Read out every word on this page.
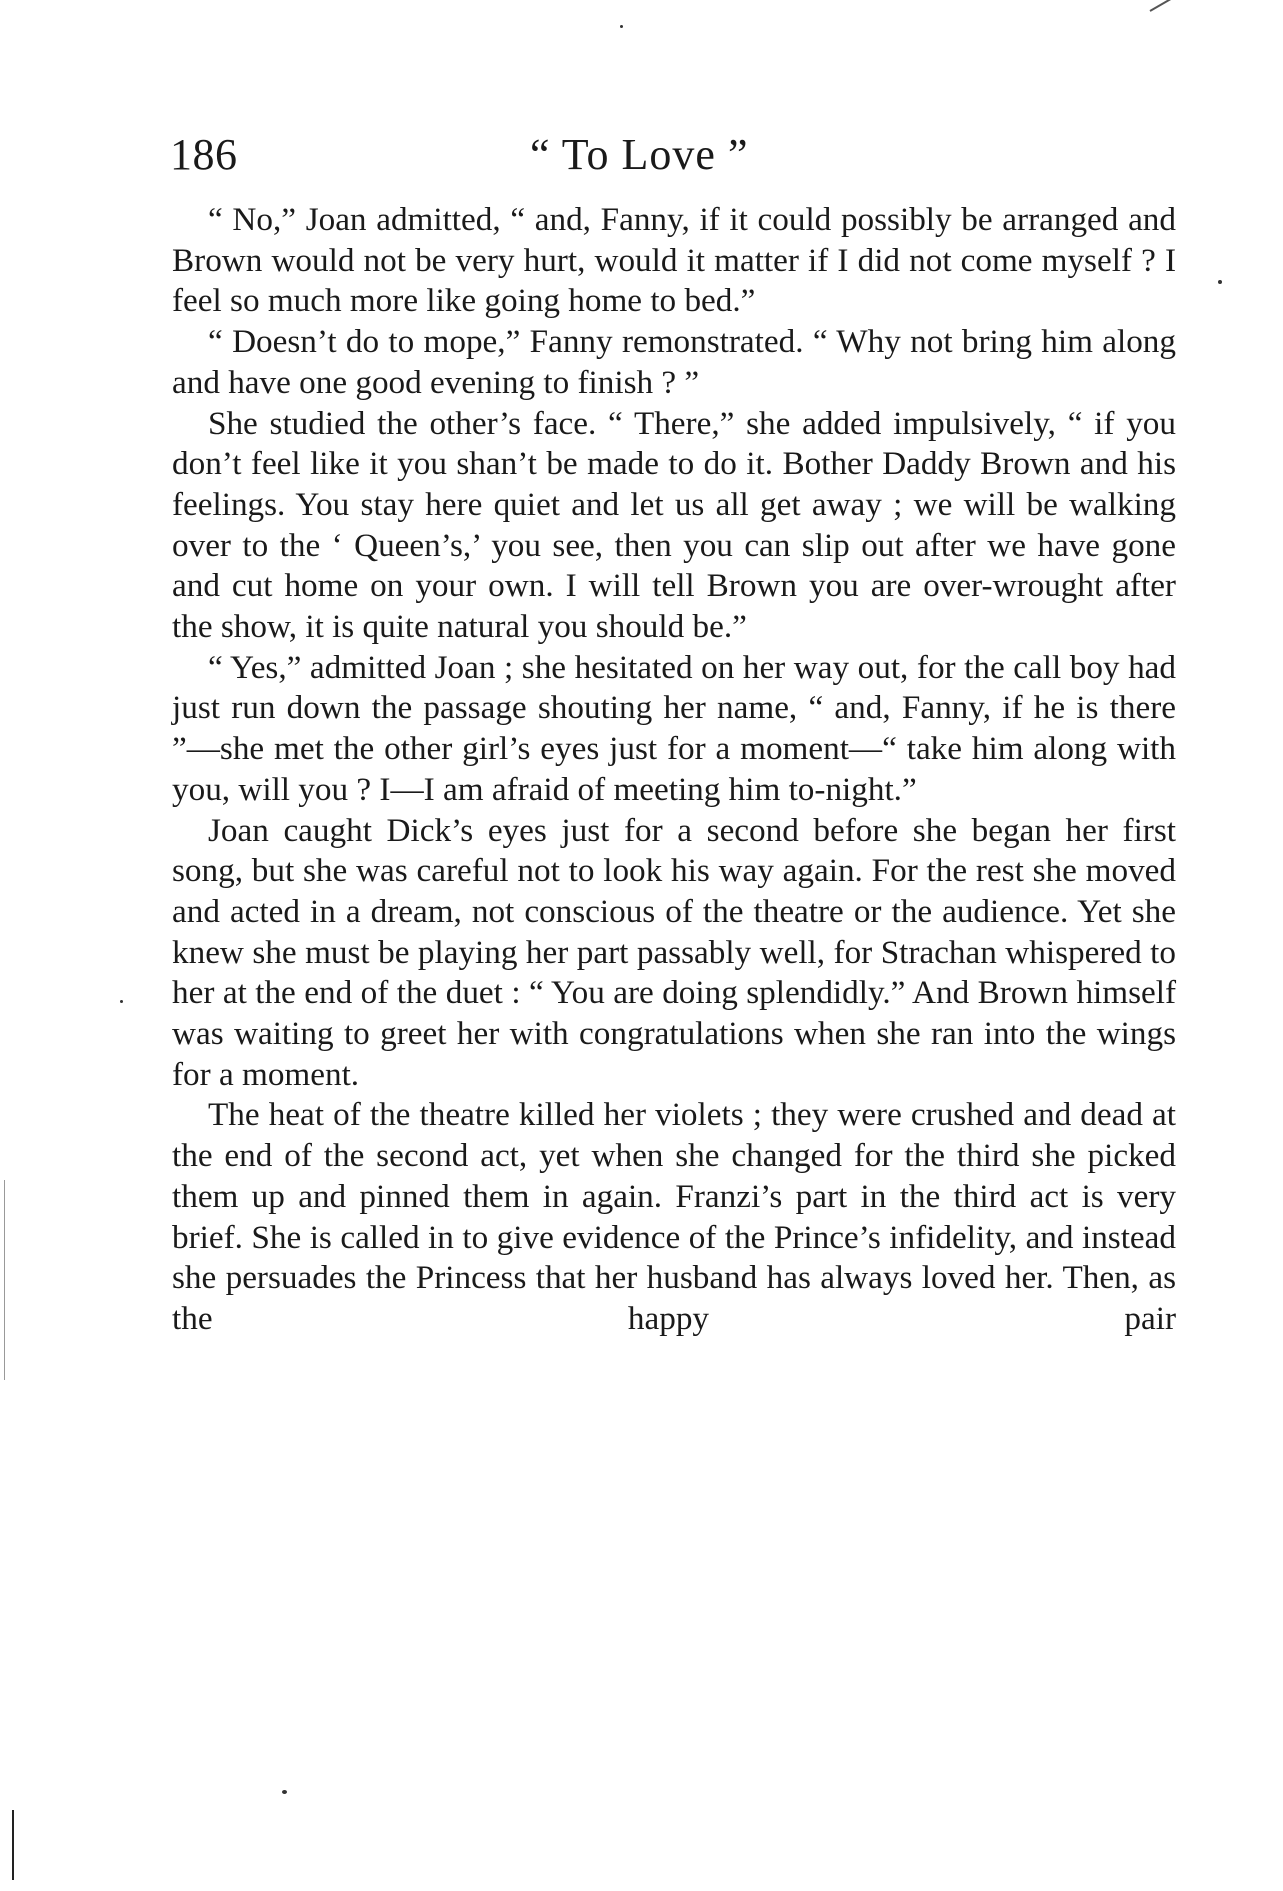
186	“ To Love ”

“ No,” Joan admitted, “ and, Fanny, if it could possibly be arranged and Brown would not be very hurt, would it matter if I did not come myself ? I feel so much more like going home to bed.”

“ Doesn’t do to mope,” Fanny remonstrated. “ Why not bring him along and have one good evening to finish ? ”

She studied the other’s face. “ There,” she added impulsively, “ if you don’t feel like it you shan’t be made to do it. Bother Daddy Brown and his feelings. You stay here quiet and let us all get away ; we will be walking over to the ‘ Queen’s,’ you see, then you can slip out after we have gone and cut home on your own. I will tell Brown you are over-wrought after the show, it is quite natural you should be.”

“ Yes,” admitted Joan ; she hesitated on her way out, for the call boy had just run down the passage shouting her name, “ and, Fanny, if he is there ”—she met the other girl’s eyes just for a moment—“ take him along with you, will you ? I—I am afraid of meeting him to-night.”

Joan caught Dick’s eyes just for a second before she began her first song, but she was careful not to look his way again. For the rest she moved and acted in a dream, not conscious of the theatre or the audience. Yet she knew she must be playing her part passably well, for Strachan whispered to her at the end of the duet : “ You are doing splendidly.” And Brown himself was waiting to greet her with congratulations when she ran into the wings for a moment.

The heat of the theatre killed her violets ; they were crushed and dead at the end of the second act, yet when she changed for the third she picked them up and pinned them in again. Franzi’s part in the third act is very brief. She is called in to give evidence of the Prince’s infidelity, and instead she persuades the Princess that her husband has always loved her. Then, as the happy pair
